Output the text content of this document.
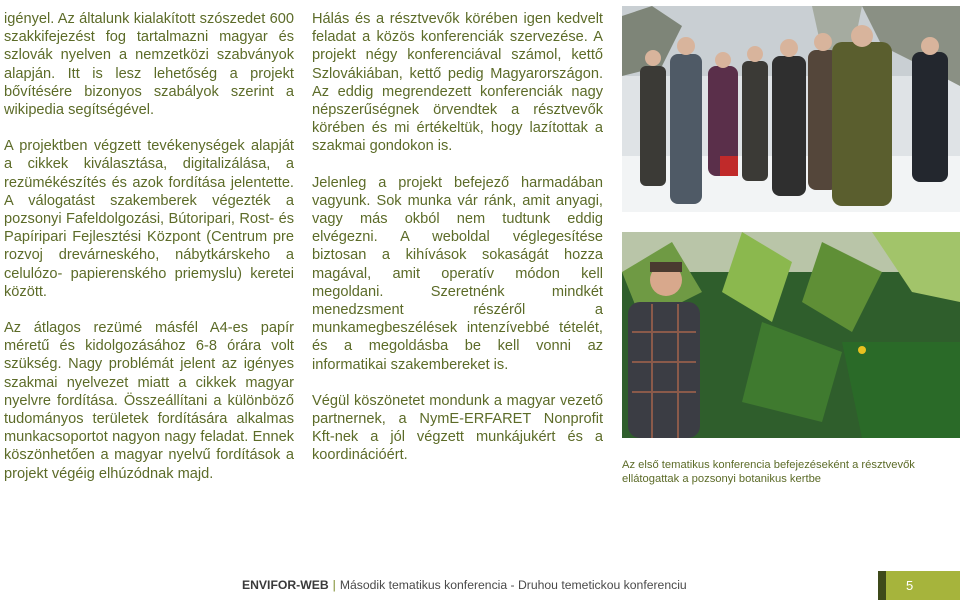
igényel. Az általunk kialakított szószedet 600 szakkifejezést fog tartalmazni magyar és szlovák nyelven a nemzetközi szabványok alapján. Itt is lesz lehetőség a projekt bővítésére bizonyos szabályok szerint a wikipedia segítségével.

A projektben végzett tevékenységek alapját a cikkek kiválasztása, digitalizálása, a rezümékészítés és azok fordítása jelentette. A válogatást szakemberek végezték a pozsonyi Fafeldolgozási, Bútoripari, Rost- és Papíripari Fejlesztési Központ (Centrum pre rozvoj drevárneského, nábytkárskeho a celulózo- papierenského priemyslu) keretei között.

Az átlagos rezümé másfél A4-es papír méretű és kidolgozásához 6-8 órára volt szükség. Nagy problémát jelent az igényes szakmai nyelvezet miatt a cikkek magyar nyelvre fordítása. Összeállítani a különböző tudományos területek fordítására alkalmas munkacsoportot nagyon nagy feladat. Ennek köszönhetően a magyar nyelvű fordítások a projekt végéig elhúzódnak majd.

Hálás és a résztvevők körében igen kedvelt feladat a közös konferenciák szervezése. A projekt négy konferenciával számol, kettő Szlovákiában, kettő pedig Magyarországon. Az eddig megrendezett konferenciák nagy népszerűségnek örvendtek a résztvevők körében és mi értékeltük, hogy lazítottak a szakmai gondokon is.

Jelenleg a projekt befejező harmadában vagyunk. Sok munka vár ránk, amit anyagi, vagy más okból nem tudtunk eddig elvégezni. A weboldal véglegesítése biztosan a kihívások sokaságát hozza magával, amit operatív módon kell megoldani. Szeretnénk mindkét menedzsment részéről a munkamegbeszélések intenzívebbé tételét, és a megoldásba be kell vonni az informatikai szakembereket is.

Végül köszönetet mondunk a magyar vezető partnernek, a NymE-ERFARET Nonprofit Kft-nek a jól végzett munkájukért és a koordinációért.

Az első tematikus konferencia befejezéseként a résztvevők ellátogattak a pozsonyi botanikus kertbe
ENVIFOR-WEB | Második tematikus konferencia - Druhou temetickou konferenciu	5
